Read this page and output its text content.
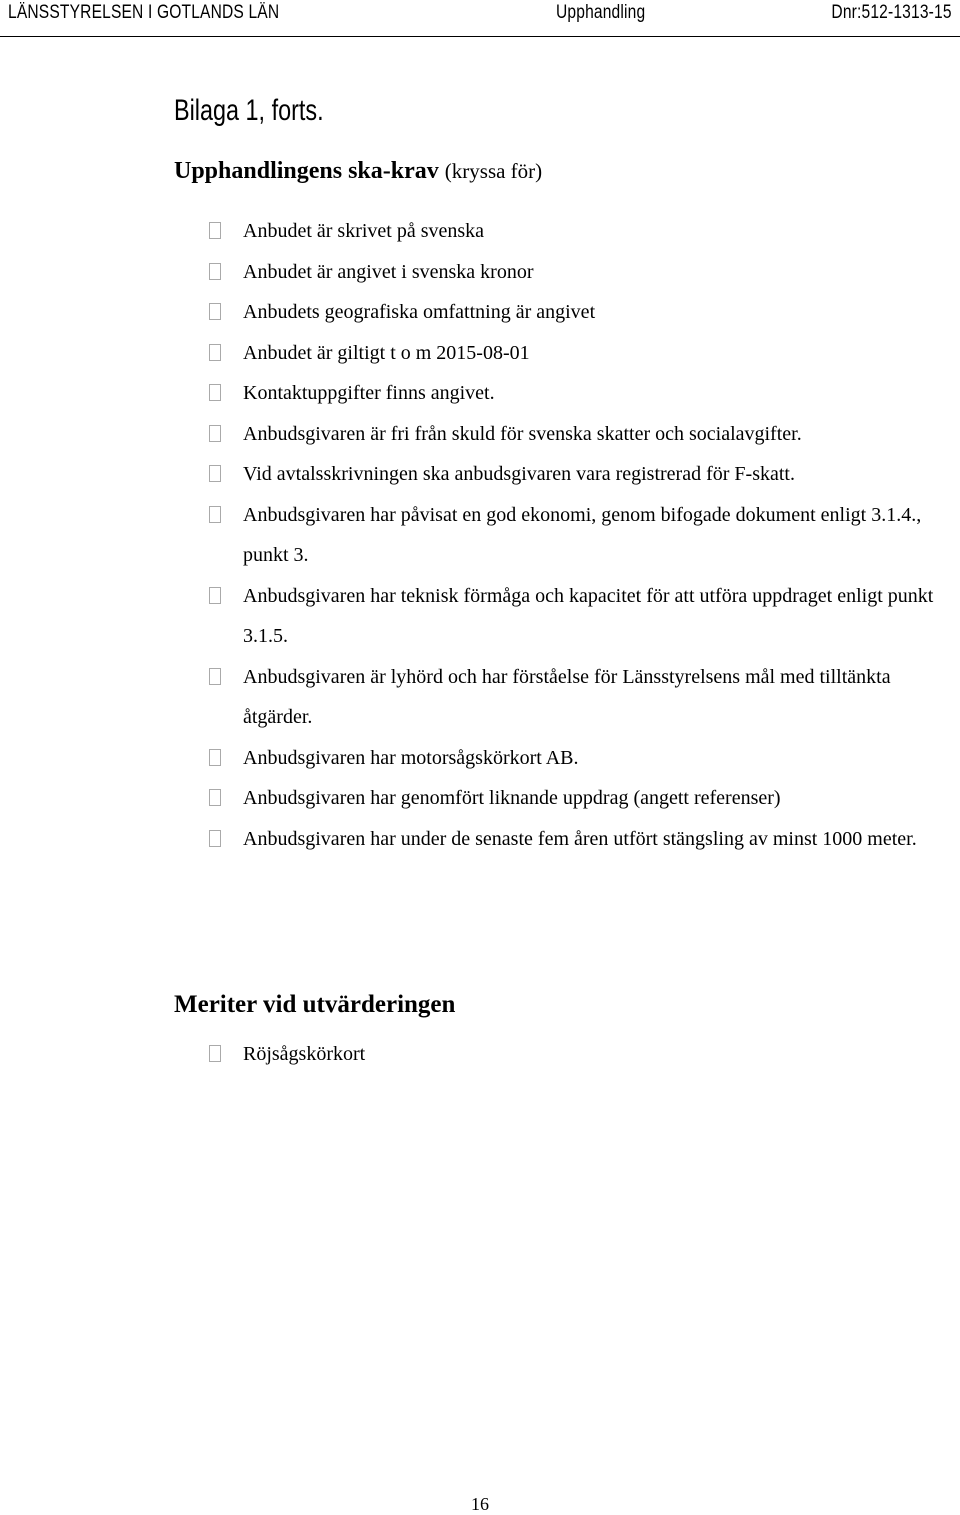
LÄNSSTYRELSEN I GOTLANDS LÄN	Upphandling	Dnr:512-1313-15
Bilaga 1, forts.
Upphandlingens ska-krav (kryssa för)
Anbudet är skrivet på svenska
Anbudet är angivet i svenska kronor
Anbudets geografiska omfattning är angivet
Anbudet är giltigt t o m 2015-08-01
Kontaktuppgifter finns angivet.
Anbudsgivaren är fri från skuld för svenska skatter och socialavgifter.
Vid avtalsskrivningen ska anbudsgivaren vara registrerad för F-skatt.
Anbudsgivaren har påvisat en god ekonomi, genom bifogade dokument enligt 3.1.4., punkt 3.
Anbudsgivaren har teknisk förmåga och kapacitet för att utföra uppdraget enligt punkt 3.1.5.
Anbudsgivaren är lyhörd och har förståelse för Länsstyrelsens mål med tilltänkta åtgärder.
Anbudsgivaren har motorsågskörkort AB.
Anbudsgivaren har genomfört liknande uppdrag (angett referenser)
Anbudsgivaren har under de senaste fem åren utfört stängsling av minst 1000 meter.
Meriter vid utvärderingen
Röjsågskörkort
16
